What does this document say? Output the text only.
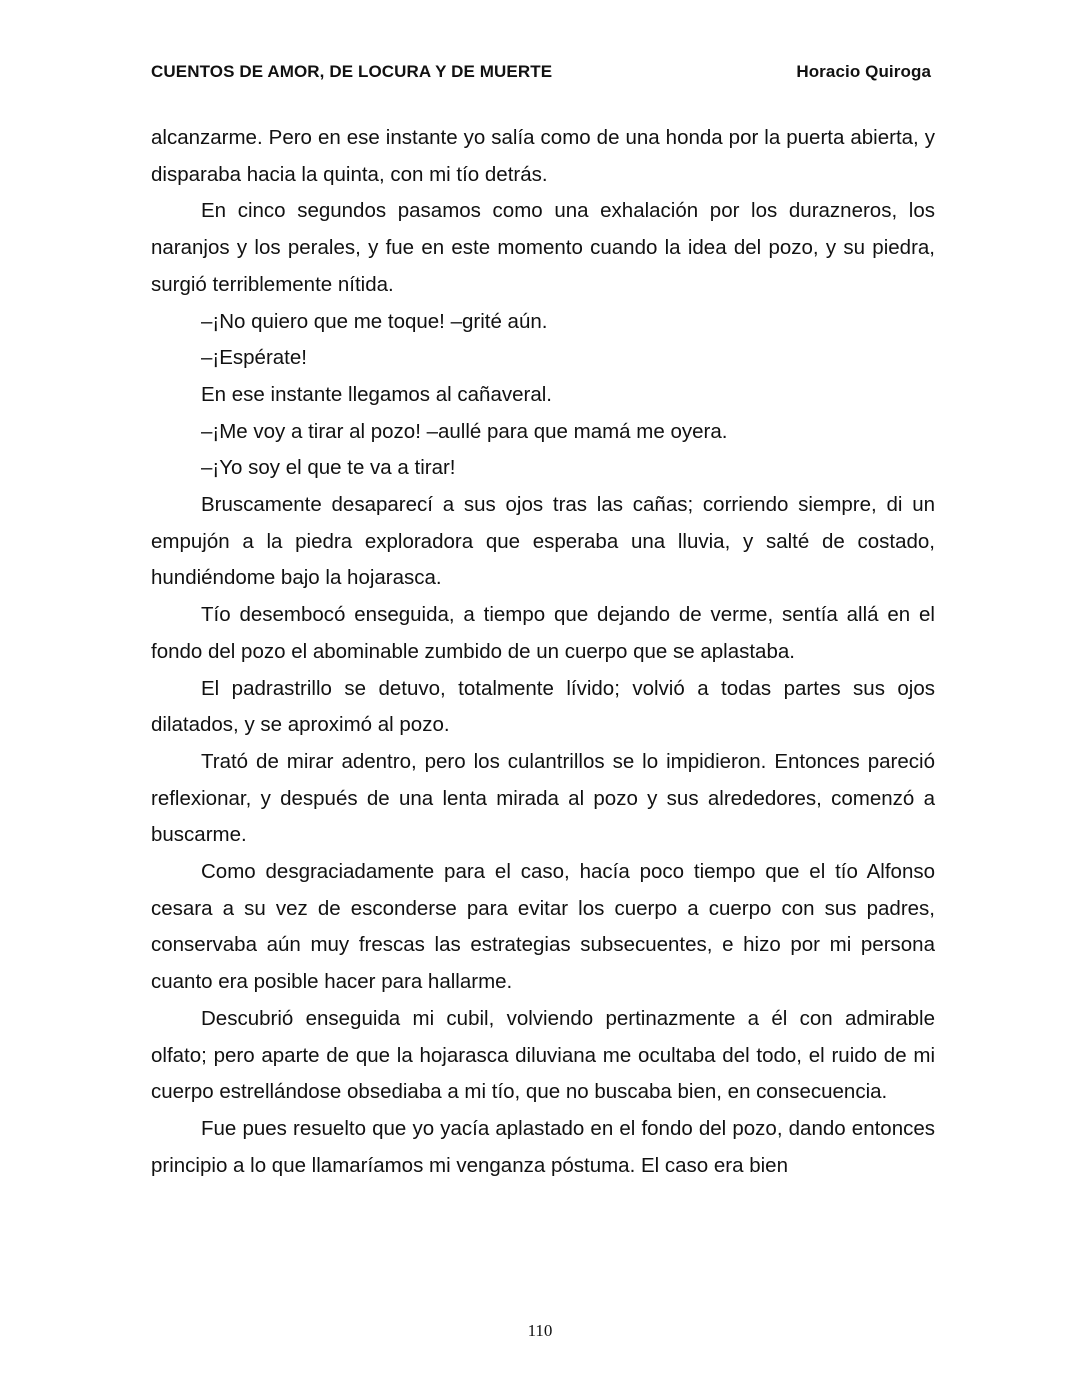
CUENTOS DE AMOR, DE LOCURA Y DE MUERTE	Horacio Quiroga

alcanzarme. Pero en ese instante yo salía como de una honda por la puerta abierta, y disparaba hacia la quinta, con mi tío detrás.

En cinco segundos pasamos como una exhalación por los durazneros, los naranjos y los perales, y fue en este momento cuando la idea del pozo, y su piedra, surgió terriblemente nítida.

–¡No quiero que me toque! –grité aún.

–¡Espérate!

En ese instante llegamos al cañaveral.

–¡Me voy a tirar al pozo! –aullé para que mamá me oyera.

–¡Yo soy el que te va a tirar!

Bruscamente desaparecí a sus ojos tras las cañas; corriendo siempre, di un empujón a la piedra exploradora que esperaba una lluvia, y salté de costado, hundiéndome bajo la hojarasca.

Tío desembocó enseguida, a tiempo que dejando de verme, sentía allá en el fondo del pozo el abominable zumbido de un cuerpo que se aplastaba.

El padrastrillo se detuvo, totalmente lívido; volvió a todas partes sus ojos dilatados, y se aproximó al pozo.

Trató de mirar adentro, pero los culantrillos se lo impidieron. Entonces pareció reflexionar, y después de una lenta mirada al pozo y sus alrededores, comenzó a buscarme.

Como desgraciadamente para el caso, hacía poco tiempo que el tío Alfonso cesara a su vez de esconderse para evitar los cuerpo a cuerpo con sus padres, conservaba aún muy frescas las estrategias subsecuentes, e hizo por mi persona cuanto era posible hacer para hallarme.

Descubrió enseguida mi cubil, volviendo pertinazmente a él con admirable olfato; pero aparte de que la hojarasca diluviana me ocultaba del todo, el ruido de mi cuerpo estrellándose obsediaba a mi tío, que no buscaba bien, en consecuencia.

Fue pues resuelto que yo yacía aplastado en el fondo del pozo, dando entonces principio a lo que llamaríamos mi venganza póstuma. El caso era bien

110
